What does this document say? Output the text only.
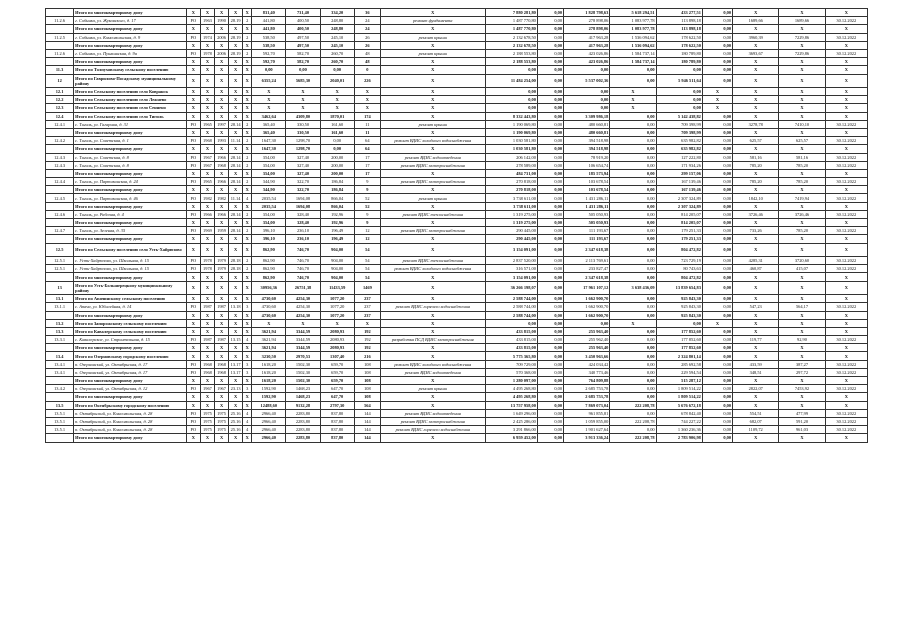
	Итого по многоквартирному дому	X	X	X	X	X	831,40	731,40	334,20	36	X	7 880 281,80	0,00	1 828 798,63	5 618 294,51	433 277,51	0,00	X	X	X
11.2.6	г. Собинка, ул. Жуковского, д. 17	РО	1963	1990	28.19	2	441,80	400,50	248,80	24	ремонт фундамента	1 487 770,80	0,00	278 898,06	1 083 977,78	113 898,18	0,00	1689,66	1689,66	30.12.2022
	Итого по многоквартирному дому	X	X	X	X	X	441,80	400,50	248,80	24	X	1 487 770,80	0,00	278 898,06	1 083 977,78	113 898,18	0,00	X	X	X
11.2.5	г. Собинка, ул. Комсомольская, д. 9	РО	1974	2006	28.19	2	538,50	497,50	245,10	26	ремонт крыши	2 132 678,50	0,00	417 963,28	1 536 094,62	178 622,50	0,00	3960,39	7229,86	30.12.2022
	Итого по многоквартирному дому	X	X	X	X	X	538,50	497,50	245,10	26	X	2 132 678,50	0,00	417 963,28	1 536 094,62	178 622,50	0,00	X	X	X
11.2.6	г. Собинка, ул. Пушкинская, д. 9а	РО	1978	2006	28.19	2	592,70	582,70	260,70	48	ремонт крыши	2 188 553,80	0,00	423 026,86	1 584 737,14	180 789,80	0,00	3693,67	7229,86	30.12.2022
	Итого по многоквартирному дому	X	X	X	X	X	592,70	582,70	260,70	48	X	2 188 553,80	0,00	423 026,86	1 584 737,14	180 789,80	0,00	X	X	X
11.3	Итого по Толпуховскому сельскому поселению	X	X	X	X	X	0,00	0,00	0,00	0	X	0,00	0,00	0,00	0,00	0,00	0,00	X	X	X
12	Итого по Гаврилово-Посадскому муниципальному району	X	X	X	X	X	6355,24	5685,30	2040,01	226	X	11 484 254,00	0,00	5 537 002,36	0,00	5 946 511,64	0,00	X	X	X
12.1	Итого по Сельскому поселению село Ковранск	X	X	X	X	X	X	X	X	X	X	0,00	0,00	0,00	X	0,00	X	X	X	X
12.2	Итого по Сельскому поселению село Лежнево	X	X	X	X	X	X	X	X	X	X	0,00	0,00	0,00	X	0,00	X	X	X	X
12.3	Итого по Сельскому поселению село Сеннено	X	X	X	X	X	X	X	X	X	X	0,00	0,00	0,00	X	0,00	X	X	X	X
12.4	Итого по Сельскому поселению село Тигиль	X	X	X	X	X	3462,64	4309,80	1870,01	174	X	8 332 443,80	0,00	3 309 986,18	0,00	5 142 438,82	0,00	X	X	X
12.4.1	с. Тигиль, ул. Гагарина, д. 31	РО	1965	1997	28.14	2	365,40	330,50	161,60	11	ремонт крыши	1 190 069,80	0,00	480 660,81	0,00	709 398,99	0,00	3278,78	7410,10	30.12.2022
	Итого по многоквартирному дому	X	X	X	X	X	365,40	330,50	161,60	11	X	1 190 069,80	0,00	480 660,81	0,00	709 398,99	0,00	X	X	X
12.4.2	с. Тигиль, ул. Советская, д. 1	РО	1968	1993	11.14	2	1647,30	1298,70	0,00	64	ремонт ВДИС холодного водоснабжения	1 030 581,80	0,00	394 518,98	0,00	635 982,82	0,00	625,57	625,57	30.12.2022
	Итого по многоквартирному дому	X	X	X	X	X	1647,30	1298,70	0,00	64	X	1 030 581,80	0,00	394 518,98	0,00	635 982,82	0,00	X	X	X
12.4.3	с. Тигиль, ул. Советская, д. 8	РО	1967	1966	28.14	2	354,00	327,40	200,00	17	ремонт ВДИС водоотведения	206 142,00	0,00	78 919,20	0,00	127 222,80	0,00	581,16	581,16	30.12.2022
12.4.3	с. Тигиль, ул. Советская, д. 8	РО	1967	1968	28.14	2	354,00	327,40	200,00	17	ремонт ВДИС электроснабжения	278 589,00	0,00	106 654,74	0,00	171 934,26	0,00	785,20	785,20	30.12.2022
	Итого по многоквартирному дому	X	X	X	X	X	354,00	327,40	200,00	17	X	484 731,00	0,00	185 573,94	0,00	299 157,06	0,00	X	X	X
12.4.4	с. Тигиль, ул. Партизанская, д. 24	РО	1965	1966	28.14	2	344,90	322,70	186,84	9	ремонт ВДИС электроснабжения	270 818,00	0,00	103 678,54	0,00	167 139,46	0,00	785,20	785,20	30.12.2022
	Итого по многоквартирному дому	X	X	X	X	X	344,90	322,70	186,84	9	X	270 818,00	0,00	103 678,54	0,00	167 139,46	0,00	X	X	X
12.4.5	с. Тигиль, ул. Партизанская, д. 46	РО	1982	1982	11.14	4	2035,54	1694,08	866,04	52	ремонт крыши	3 738 611,00	0,00	1 431 286,11	0,00	2 307 324,89	0,00	1842,10	7419,94	30.12.2022
	Итого по многоквартирному дому	X	X	X	X	X	2035,54	1694,08	866,04	52	X	3 738 611,00	0,00	1 431 286,11	0,00	2 307 324,89	0,00	X	X	X
12.4.6	с. Тигиль, ул. Рабочая, д. 4	РО	1966	1966	28.14	2	354,00	328,40	192,96	9	ремонт ВДИС теплоснабжения	1 319 275,00	0,00	505 050,93	0,00	814 205,07	0,00	3726,46	3726,46	30.12.2022
	Итого по многоквартирному дому	X	X	X	X	X	354,00	328,40	192,96	9	X	1 319 275,00	0,00	505 050,93	0,00	814 205,07	0,00	X	X	X
12.4.7	с. Тигиль, ул. Зеленая, д. 35	РО	1969	1959	28.14	2	396,10	236,10	196,49	12	ремонт ВДИС электроснабжения	290 445,00	0,00	111 193,67	0,00	179 251,33	0,00	733,26	785,20	30.12.2022
	Итого по многоквартирному дому	X	X	X	X	X	396,10	236,10	196,49	12	X	290 445,00	0,00	111 193,67	0,00	179 251,33	0,00	X	X	X
12.5	Итого по Сельскому поселению село Усть-Хайрюзово	X	X	X	X	X	862,90	746,70	904,00	54	X	3 154 091,00	0,00	2 347 618,38	0,00	804 472,82	0,00	X	X	X
12.5.1	с. Усть-Хайрюзово, ул. Школьная, д. 15	РО	1978	1979	28.18	2	862,90	746,70	904,00	54	ремонт ВДИС теплоснабжения	2 837 520,00	0,00	2 113 769,61	0,00	723 729,19	0,00	4285,31	3720,60	30.12.2022
12.5.1	с. Усть-Хайрюзово, ул. Школьная, д. 15	РО	1978	1979	28.18	2	862,90	746,70	904,00	54	ремонт ВДИС холодного водоснабжения	316 571,00	0,00	233 827,47	0,00	80 743,63	0,00	460,87	415,07	30.12.2022
	Итого по многоквартирному дому	X	X	X	X	X	862,90	746,70	904,00	54	X	3 154 091,00	0,00	2 347 618,38	0,00	804 472,82	0,00	X	X	X
13	Итого по Усть-Большерецкому муниципальному району	X	X	X	X	X	30956,36	26751,38	11433,59	1469	X	36 266 198,07	0,00	17 961 107,12	3 638 436,09	13 839 654,83	0,00	X	X	X
13.1	Итого по Апачинскому сельскому поселению	X	X	X	X	X	4730,60	4254,30	1077,20	237	X	2 588 744,00	0,00	1 662 900,70	0,00	925 843,30	0,00	X	X	X
13.1.1	с. Апача, ул. Юбилейная, д. 14	РО	1987	1987	13.18	3	4730,60	4254,30	1077,20	237	ремонт ВДИС горячего водоснабжения	2 588 744,00	0,00	1 662 900,70	0,00	925 843,30	0,00	547,23	564,17	30.12.2022
	Итого по многоквартирному дому	X	X	X	X	X	4730,60	4254,30	1077,20	237	X	2 588 744,00	0,00	1 662 900,70	0,00	925 843,30	0,00	X	X	X
13.2	Итого по Запорожскому сельскому поселению	X	X	X	X	X	X	X	X	X	X	0,00	0,00	0,00	X	0,00	X	X	X	X
13.3	Итого по Кавалерскому сельскому поселению	X	X	X	X	X	3621,94	3344,59	2080,93	192	X	433 815,00	0,00	255 963,40	0,00	177 852,60	0,00	X	X	X
13.3.1	с. Кавалерское, ул. Строительная, д. 15	РО	1987	1987	13.15	4	3621,94	3344,59	2080,93	192	разработка ПСД ВДИС электроснабжения	433 815,00	0,00	255 962,40	0,00	177 852,60	0,00	119,77	92,90	30.12.2022
	Итого по многоквартирному дому	X	X	X	X	X	3621,94	3344,59	2080,93	192	X	433 815,00	0,00	255 963,40	0,00	177 852,60	0,00	X	X	X
13.4	Итого по Озерновскому городскому поселению	X	X	X	X	X	3230,50	2970,53	1307,40	216	X	5 775 365,80	0,00	3 450 963,66	0,00	2 324 801,14	0,00	X	X	X
13.4.1	п. Озерновский, ул. Октябрьская, д. 17	РО	1968	1968	13.17	3	1618,20	1502,30	659,70	108	ремонт ВДИС холодного водоснабжения	709 729,00	0,00	424 034,42	0,00	285 692,58	0,00	433,59	387,27	30.12.2022
13.4.1	п. Озерновский, ул. Октябрьская, д. 17	РО	1968	1968	13.17	3	1618,20	1502,30	659,70	108	ремонт ВДИС водоотведения	570 368,00	0,00	340 773,46	0,00	229 594,54	0,00	348,51	297,72	30.12.2022
	Итого по многоквартирному дому	X	X	X	X	X	1618,20	1502,30	659,70	108	X	1 280 097,00	0,00	764 809,88	0,00	515 287,12	0,00	X	X	X
13.4.2	п. Озерновский, ул. Октябрьская, д. 12	РО	1967	1967	23.13	3	1592,90	1468,23	647,70	108	ремонт крыши	4 495 268,80	0,00	2 685 753,78	0,00	1 809 514,22	0,00	2822,07	7453,92	30.12.2022
	Итого по многоквартирному дому	X	X	X	X	X	1592,90	1468,23	647,70	108	X	4 495 268,80	0,00	2 685 753,78	0,00	1 809 514,22	0,00	X	X	X
13.5	Итого по Октябрьскому городскому поселению	X	X	X	X	X	12488,60	9132,28	2797,30	564	X	13 757 958,00	0,00	7 869 073,04	222 208,78	5 676 672,18	0,00	X	X	X
13.5.1	п. Октябрьский, ул. Комсомольская, д. 28	РО	1975	1975	25.16	4	2966,40	2283,80	837,80	144	ремонт ВДИС водоотведения	1 649 296,00	0,00	961 855,81	0,00	678 842,40	0,00	554,51	477,99	30.12.2022
13.5.1	п. Октябрьский, ул. Комсомольская, д. 28	РО	1975	1975	25.16	4	2966,40	2283,80	837,80	144	ремонт ВДИС электроснабжения	2 425 286,00	0,00	1 059 855,00	222 208,78	744 227,22	0,00	682,07	591,20	30.12.2022
13.5.1	п. Октябрьский, ул. Комсомольская, д. 28	РО	1975	1975	25.16	4	2966,40	2283,80	837,80	144	ремонт ВДИС горячего водоснабжения	3 291 866,00	0,00	1 901 627,64	0,00	1 360 236,36	0,00	1109,72	961,03	30.12.2022
	Итого по многоквартирному дому	X	X	X	X	X	2966,40	2283,80	837,80	144	X	6 959 452,00	0,00	3 913 336,24	222 208,78	2 783 906,98	0,00	X	X	X
